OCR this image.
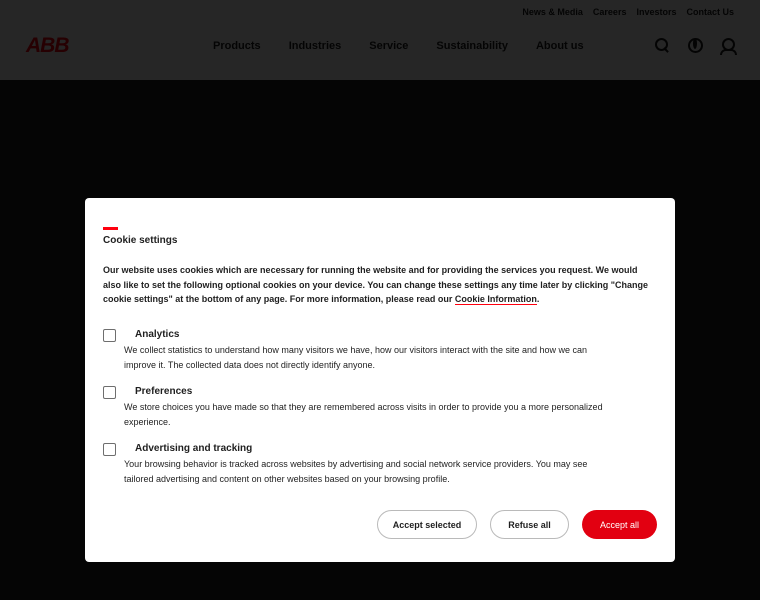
Cookie settings
Our website uses cookies which are necessary for running the website and for providing the services you request. We would also like to set the following optional cookies on your device. You can change these settings any time later by clicking "Change cookie settings" at the bottom of any page. For more information, please read our Cookie Information.
Analytics
We collect statistics to understand how many visitors we have, how our visitors interact with the site and how we can improve it. The collected data does not directly identify anyone.
Preferences
We store choices you have made so that they are remembered across visits in order to provide you a more personalized experience.
Advertising and tracking
Your browsing behavior is tracked across websites by advertising and social network service providers. You may see tailored advertising and content on other websites based on your browsing profile.
Accept selected	Refuse all	Accept all
